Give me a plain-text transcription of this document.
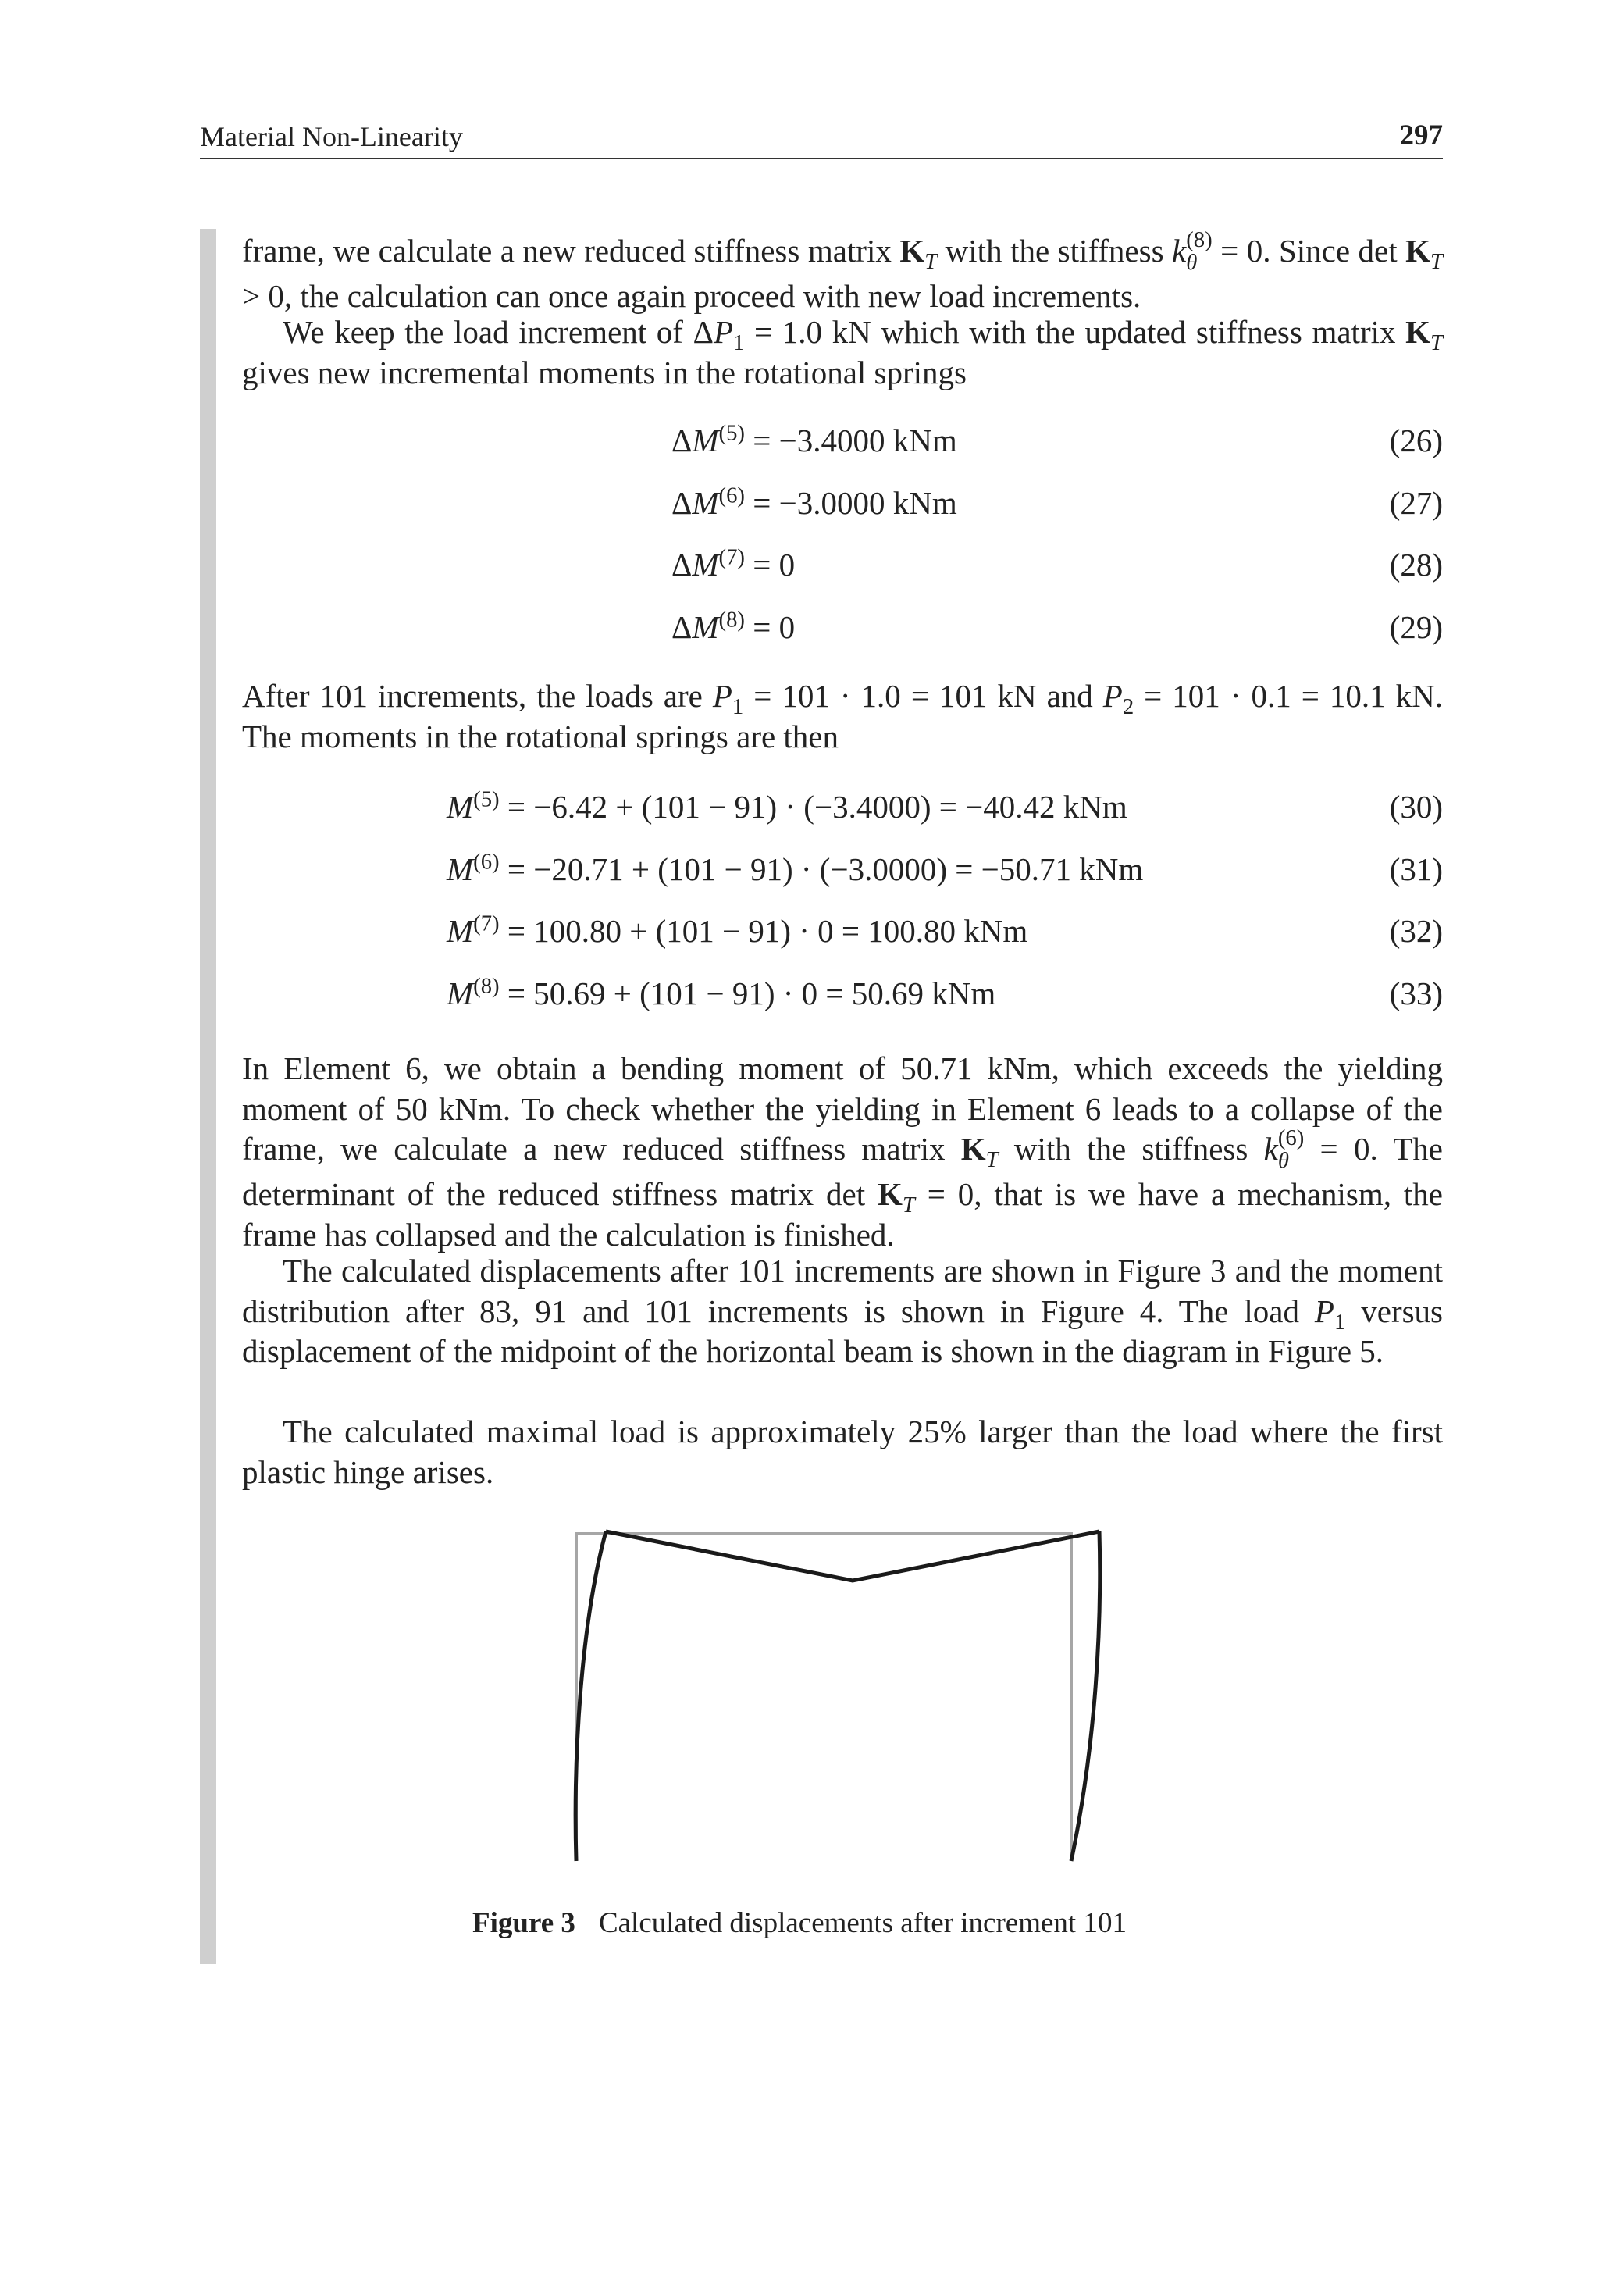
Material Non-Linearity	297
frame, we calculate a new reduced stiffness matrix $K_T$ with the stiffness k (8)
θ = 0. Since $\det K_T > 0$, the calculation can once again proceed with new load increments.
We keep the load increment of $\Delta P_1 = 1.0$ kN which with the updated stiffness matrix $K_T$ gives new incremental moments in the rotational springs
$\Delta M^{(5)} = -3.4000$ kNm	(26)
$\Delta M^{(6)} = -3.0000$ kNm	(27)
$\Delta M^{(7)} = 0$	(28)
$\Delta M^{(8)} = 0$	(29)
After 101 increments, the loads are $P_1 = 101 \cdot 1.0 = 101$ kN and $P_2 = 101 \cdot 0.1 = 10.1$ kN. The moments in the rotational springs are then
$M^{(5)} = -6.42 + (101 - 91) \cdot (-3.4000) = -40.42$ kNm	(30)
$M^{(6)} = -20.71 + (101 - 91) \cdot (-3.0000) = -50.71$ kNm	(31)
$M^{(7)} = 100.80 + (101 - 91) \cdot 0 = 100.80$ kNm	(32)
$M^{(8)} = 50.69 + (101 - 91) \cdot 0 = 50.69$ kNm	(33)
In Element 6, we obtain a bending moment of 50.71 kNm, which exceeds the yielding moment of 50 kNm. To check whether the yielding in Element 6 leads to a collapse of the frame, we calculate a new reduced stiffness matrix $K_T$ with the stiffness k (6)
θ = 0. The determinant of the reduced stiffness matrix $\det K_T = 0$, that is we have a mechanism, the frame has collapsed and the calculation is finished.
The calculated displacements after 101 increments are shown in Figure 3 and the moment distribution after 83, 91 and 101 increments is shown in Figure 4. The load $P_1$ versus displacement of the midpoint of the horizontal beam is shown in the diagram in Figure 5.
The calculated maximal load is approximately 25% larger than the load where the first plastic hinge arises.
Figure 3 Calculated displacements after increment 101
